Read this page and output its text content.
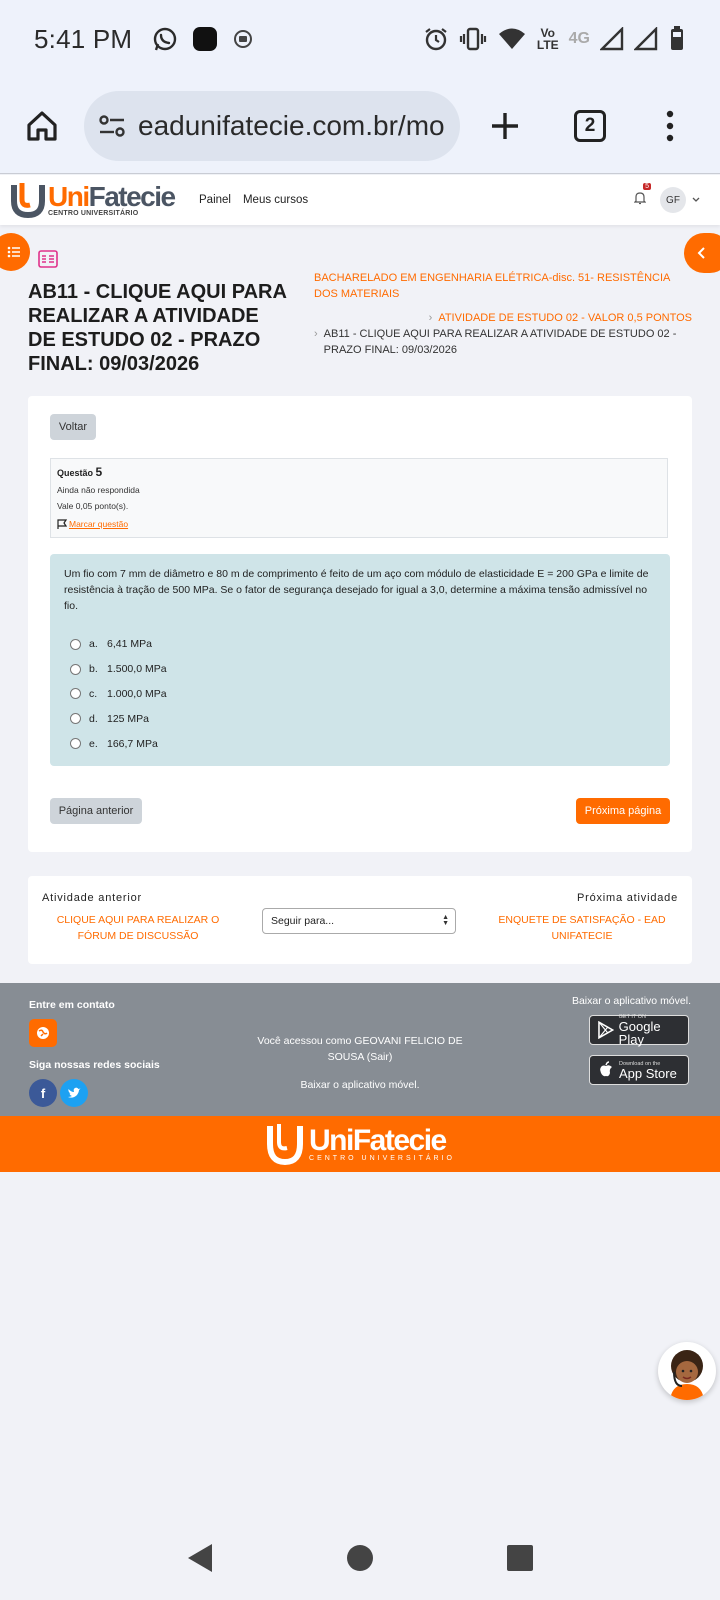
5:41 PM	Vo
LTE 4G
eadunifatecie.com.br/mo	2
UniFatecie
CENTRO UNIVERSITÁRIO
Painel Meus cursos
5
GF
AB11 - CLIQUE AQUI PARA REALIZAR A ATIVIDADE DE ESTUDO 02 - PRAZO FINAL: 09/03/2026
BACHARELADO EM ENGENHARIA ELÉTRICA-disc. 51- RESISTÊNCIA DOS MATERIAIS
› ATIVIDADE DE ESTUDO 02 - VALOR 0,5 PONTOS
› AB11 - CLIQUE AQUI PARA REALIZAR A ATIVIDADE DE ESTUDO 02 - PRAZO FINAL: 09/03/2026
Voltar
Questão 5
Ainda não respondida
Vale 0,05 ponto(s).
Marcar questão

Um fio com 7 mm de diâmetro e 80 m de comprimento é feito de um aço com módulo de elasticidade E = 200 GPa e limite de resistência à tração de 500 MPa. Se o fator de segurança desejado for igual a 3,0, determine a máxima tensão admissível no fio.

a. 6,41 MPa
b. 1.500,0 MPa
c. 1.000,0 MPa
d. 125 MPa
e. 166,7 MPa
Página anterior	Próxima página
Atividade anterior
CLIQUE AQUI PARA REALIZAR O FÓRUM DE DISCUSSÃO
Seguir para...	▲
▼
Próxima atividade
ENQUETE DE SATISFAÇÃO - EAD UNIFATECIE
Entre em contato
Siga nossas redes sociais
f
Você acessou como GEOVANI FELICIO DE SOUSA (Sair)
Baixar o aplicativo móvel.
Baixar o aplicativo móvel.
GET IT ON
Google Play
Download on the
App Store
UniFatecie
CENTRO UNIVERSITÁRIO
